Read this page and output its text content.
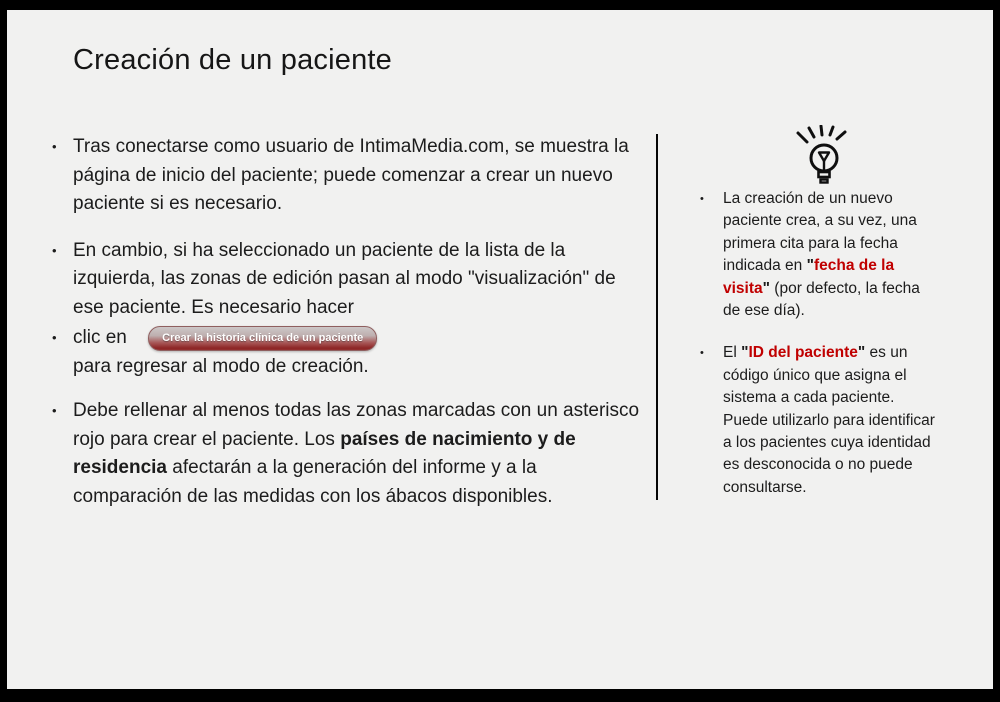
Creación de un paciente
• Tras conectarse como usuario de IntimaMedia.com, se muestra la página de inicio del paciente; puede comenzar a crear un nuevo paciente si es necesario.
• En cambio, si ha seleccionado un paciente de la lista de la izquierda, las zonas de edición pasan al modo "visualización" de ese paciente. Es necesario hacer
• clic en	Crear la historia clínica de un paciente
para regresar al modo de creación.
• Debe rellenar al menos todas las zonas marcadas con un asterisco rojo para crear el paciente. Los países de nacimiento y de residencia afectarán a la generación del informe y a la comparación de las medidas con los ábacos disponibles.
•	La creación de un nuevo paciente crea, a su vez, una primera cita para la fecha indicada en "fecha de la visita" (por defecto, la fecha de ese día).
•	El "ID del paciente" es un código único que asigna el sistema a cada paciente. Puede utilizarlo para identificar a los pacientes cuya identidad es desconocida o no puede consultarse.
